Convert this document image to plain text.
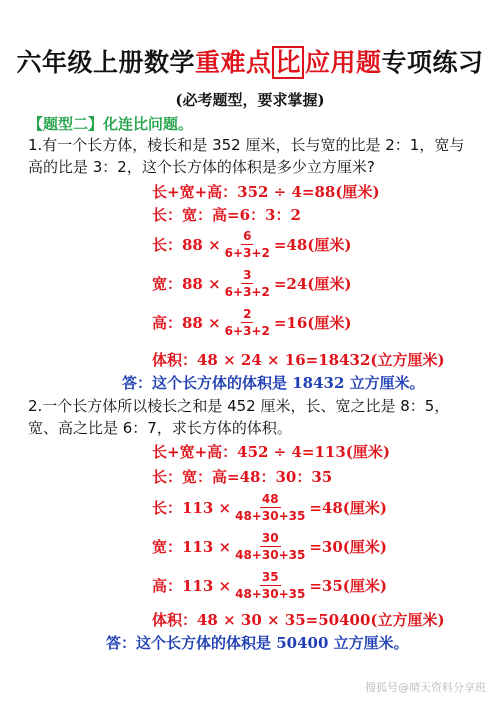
六年级上册数学重难点 比 应用题专项练习
(必考题型，要求掌握)
【题型二】化连比问题。
1.有一个长方体，棱长和是 352 厘米，长与宽的比是 2：1，宽与高的比是 3：2，这个长方体的体积是多少立方厘米?
长+宽+高：352 ÷ 4=88(厘米)
长：宽：高=6：3：2
长：$88 \times \frac{6}{6+3+2} =48$(厘米)
宽：$88 \times \frac{3}{6+3+2} =24$(厘米)
高：$88 \times \frac{2}{6+3+2} =16$(厘米)
体积：48 × 24 × 16=18432(立方厘米)
答：这个长方体的体积是 18432 立方厘米。
2.一个长方体所以棱长之和是 452 厘米，长、宽之比是 8：5，宽、高之比是 6：7，求长方体的体积。
长+宽+高：452 ÷ 4=113(厘米)
长：宽：高=48：30：35
长：$113 \times \frac{48}{48+30+35} =48$(厘米)
宽：$113 \times \frac{30}{48+30+35} =30$(厘米)
高：$113 \times \frac{35}{48+30+35} =35$(厘米)
体积：48 × 30 × 35=50400(立方厘米)
答：这个长方体的体积是 50400 立方厘米。
搜狐号@晴天资料分享班
